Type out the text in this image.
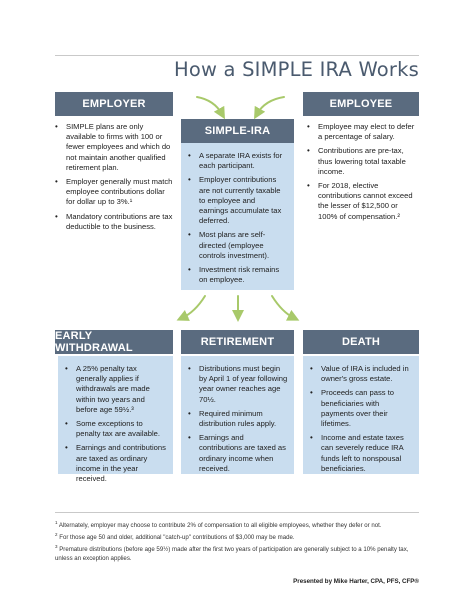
How a SIMPLE IRA Works
EMPLOYER
• SIMPLE plans are only available to firms with 100 or fewer employees and which do not maintain another qualified retirement plan.
• Employer generally must match employee contributions dollar for dollar up to 3%.¹
• Mandatory contributions are tax deductible to the business.
SIMPLE-IRA
• A separate IRA exists for each participant.
• Employer contributions are not currently taxable to employee and earnings accumulate tax deferred.
• Most plans are self-directed (employee controls investment).
• Investment risk remains on employee.
EMPLOYEE
• Employee may elect to defer a percentage of salary.
• Contributions are pre-tax, thus lowering total taxable income.
• For 2018, elective contributions cannot exceed the lesser of $12,500 or 100% of compensation.²
EARLY WITHDRAWAL
• A 25% penalty tax generally applies if withdrawals are made within two years and before age 59½.³
• Some exceptions to penalty tax are available.
• Earnings and contributions are taxed as ordinary income in the year received.
RETIREMENT
• Distributions must begin by April 1 of year following year owner reaches age 70½.
• Required minimum distribution rules apply.
• Earnings and contributions are taxed as ordinary income when received.
DEATH
• Value of IRA is included in owner's gross estate.
• Proceeds can pass to beneficiaries with payments over their lifetimes.
• Income and estate taxes can severely reduce IRA funds left to nonspousal beneficiaries.
$^1$ Alternately, employer may choose to contribute 2% of compensation to all eligible employees, whether they defer or not.
$^2$ For those age 50 and older, additional "catch-up" contributions of $3,000 may be made.
$^3$ Premature distributions (before age 59½) made after the first two years of participation are generally subject to a 10% penalty tax, unless an exception applies.
Presented by Mike Harter, CPA, PFS, CFP®
